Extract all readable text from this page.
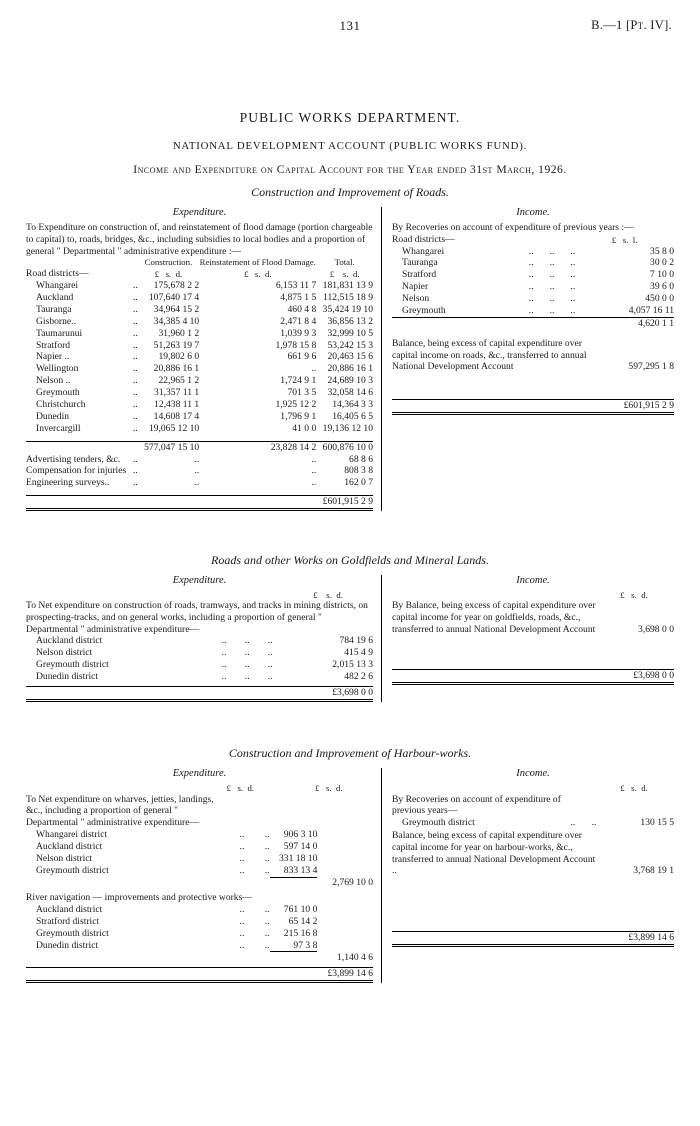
131	B.—1 [Pt. IV].
PUBLIC WORKS DEPARTMENT.
NATIONAL DEVELOPMENT ACCOUNT (PUBLIC WORKS FUND).
Income and Expenditure on Capital Account for the Year ended 31st March, 1926.
Construction and Improvement of Roads.
Expenditure.
To Expenditure on construction of, and reinstatement of flood damage (portion chargeable to capital) to, roads, bridges, &c., including subsidies to local bodies and a proportion of general " Departmental " administrative expenditure :—
		Construction.	Reinstatement of Flood Damage.	Total.
Road districts—		£   s.  d.	£   s.  d.	£    s.  d.
Whangarei	..	175,678 2 2	6,153 11 7	181,831 13 9
Auckland	..	107,640 17 4	4,875 1 5	112,515 18 9
Tauranga	..	34,964 15 2	460 4 8	35,424 19 10
Gisborne..	..	34,385 4 10	2,471 8 4	36,856 13 2
Taumarunui	..	31,960 1 2	1,039 9 3	32,999 10 5
Stratford	..	51,263 19 7	1,978 15 8	53,242 15 3
Napier ..	..	19,802 6 0	661 9 6	20,463 15 6
Wellington	..	20,886 16 1	..	20,886 16 1
Nelson ..	..	22,965 1 2	1,724 9 1	24,689 10 3
Greymouth	..	31,357 11 1	701 3 5	32,058 14 6
Christchurch	..	12,438 11 1	1,925 12 2	14,364 3 3
Dunedin	..	14,608 17 4	1,796 9 1	16,405 6 5
Invercargill	..	19,065 12 10	41 0 0	19,136 12 10

		577,047 15 10	23,828 14 2	600,876 10 0
Advertising tenders, &c.	..	..	..	68 8 6
Compensation for injuries	..	..	..	808 3 8
Engineering surveys..	..	..	..	162 0 7

				£601,915 2 9
Income.
By Recoveries on account of expenditure of previous years :—
Road districts—				£   s.  l.
Whangarei	..	..	..	35 8 0
Tauranga	..	..	..	30 0 2
Stratford	..	..	..	7 10 0
Napier	..	..	..	39 6 0
Nelson	..	..	..	450 0 0
Greymouth	..	..	..	4,057 16 11
				4,620 1 1
Balance, being excess of capital expenditure over capital income on roads, &c., transferred to annual National Development Account	597,295 1 8
	£601,915 2 9
Roads and other Works on Goldfields and Mineral Lands.
Expenditure.
			£    s.  d.
To Net expenditure on construction of roads, tramways, and tracks in mining districts, on prospecting-tracks, and on general works, including a proportion of general " Departmental " administrative expenditure—
Auckland district	..	..	..	784 19 6
Nelson district	..	..	..	415 4 9
Greymouth district	..	..	..	2,015 13 3
Dunedin district	..	..	..	482 2 6

				£3,698 0 0
Income.
	£   s.  d.
By Balance, being excess of capital expenditure over capital income for year on goldfields, roads, &c., transferred to annual National Development Account	3,698 0 0
	£3,698 0 0
Construction and Improvement of Harbour-works.
Expenditure.
	£   s.  d.	£   s.  d.
To Net expenditure on wharves, jetties, landings, &c., including a proportion of general " Departmental " administrative expenditure—
Whangarei district	..	..	906 3 10	
Auckland district	..	..	597 14 0	
Nelson district	..	..	331 18 10	
Greymouth district	..	..	833 13 4	
				2,769 10 0

River navigation — improvements and protective works—				
Auckland district	..	..	761 10 0	
Stratford district	..	..	65 14 2	
Greymouth district	..	..	215 16 8	
Dunedin district	..	..	97 3 8	
				1,140 4 6

				£3,899 14 6
Income.
	£   s.  d.
By Recoveries on account of expenditure of previous years—
Greymouth district	..	..	130 15 5
Balance, being excess of capital expenditure over capital income for year on harbour-works, &c., transferred to annual National Development Account ..	3,768 19 1
	£3,899 14 6
